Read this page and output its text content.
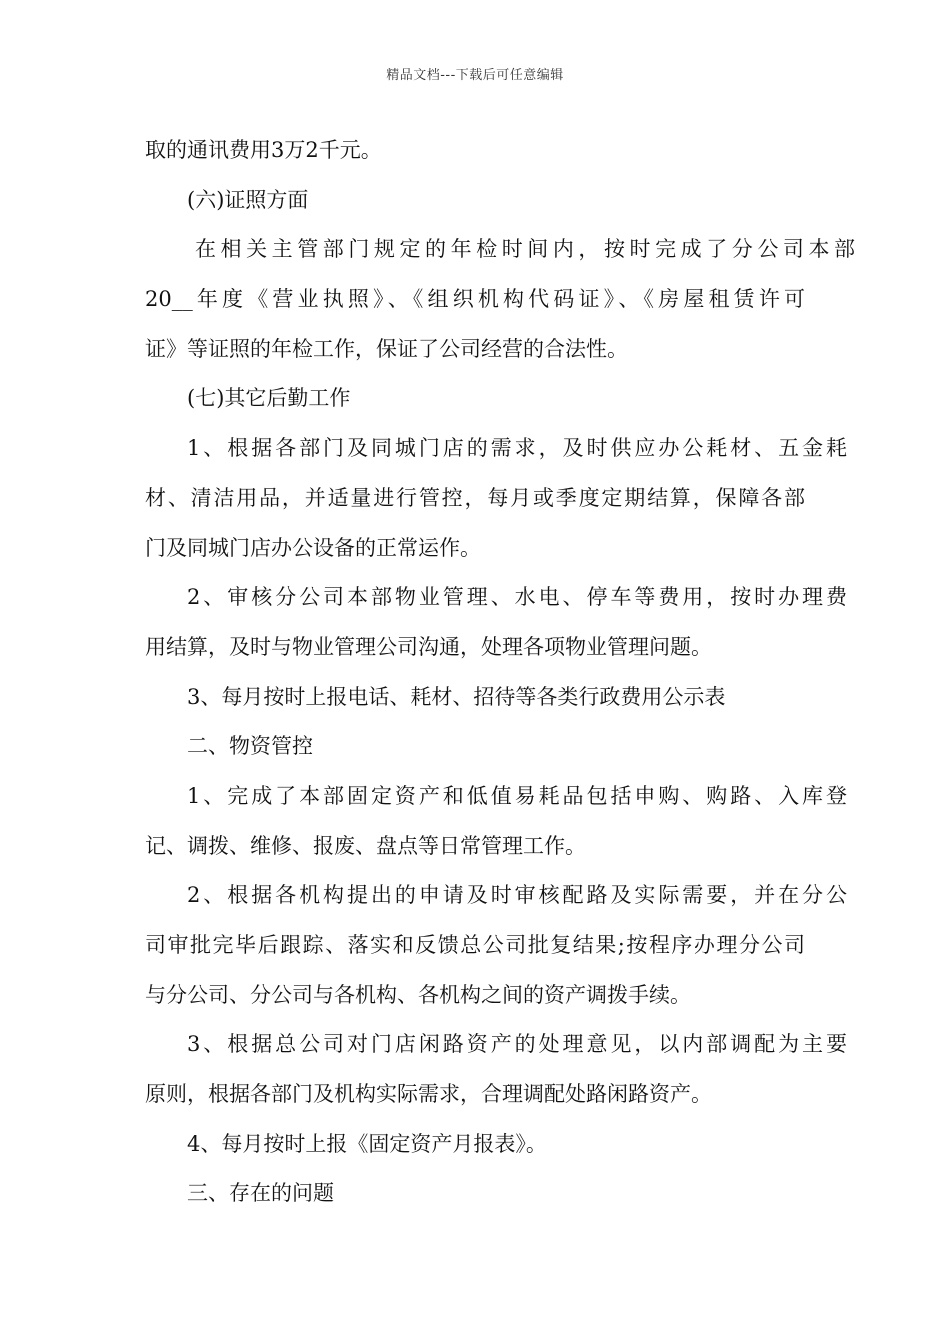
精品文档---下载后可任意编辑
取的通讯费用3万2千元。
(六)证照方面
在相关主管部门规定的年检时间内，按时完成了分公司本部
20__年度《营业执照》、《组织机构代码证》、《房屋租赁许可
证》等证照的年检工作，保证了公司经营的合法性。
(七)其它后勤工作
1、根据各部门及同城门店的需求，及时供应办公耗材、五金耗
材、清洁用品，并适量进行管控，每月或季度定期结算，保障各部
门及同城门店办公设备的正常运作。
2、审核分公司本部物业管理、水电、停车等费用，按时办理费
用结算，及时与物业管理公司沟通，处理各项物业管理问题。
3、每月按时上报电话、耗材、招待等各类行政费用公示表
二、物资管控
1、完成了本部固定资产和低值易耗品包括申购、购路、入库登
记、调拨、维修、报废、盘点等日常管理工作。
2、根据各机构提出的申请及时审核配路及实际需要，并在分公
司审批完毕后跟踪、落实和反馈总公司批复结果;按程序办理分公司
与分公司、分公司与各机构、各机构之间的资产调拨手续。
3、根据总公司对门店闲路资产的处理意见，以内部调配为主要
原则，根据各部门及机构实际需求，合理调配处路闲路资产。
4、每月按时上报《固定资产月报表》。
三、存在的问题
